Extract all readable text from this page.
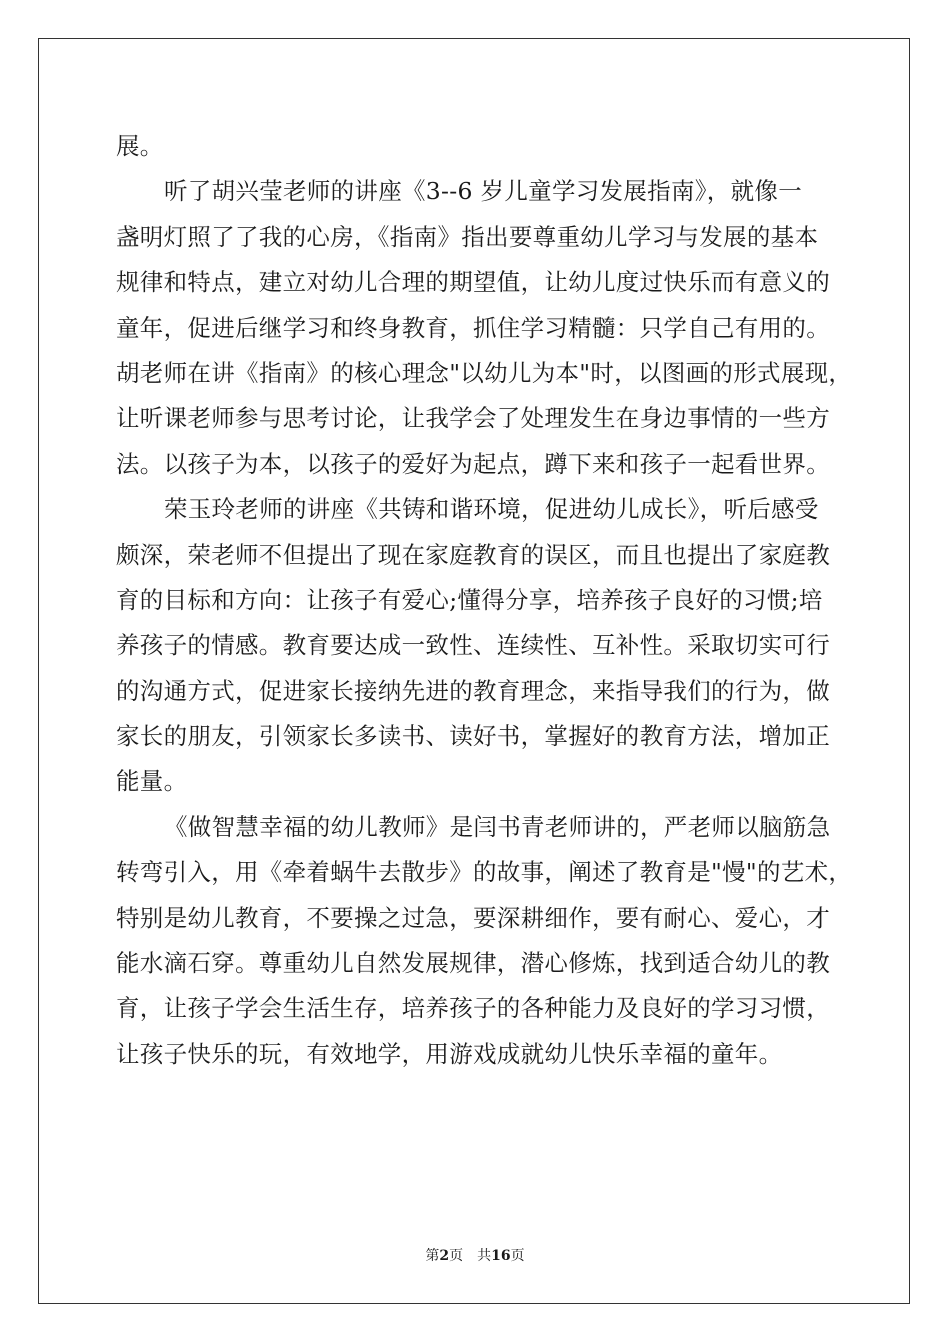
展。
听了胡兴莹老师的讲座《3--6 岁儿童学习发展指南》，就像一
盏明灯照了了我的心房，《指南》指出要尊重幼儿学习与发展的基本
规律和特点，建立对幼儿合理的期望值，让幼儿度过快乐而有意义的
童年，促进后继学习和终身教育，抓住学习精髓：只学自己有用的。
胡老师在讲《指南》的核心理念"以幼儿为本"时，以图画的形式展现，
让听课老师参与思考讨论，让我学会了处理发生在身边事情的一些方
法。以孩子为本，以孩子的爱好为起点，蹲下来和孩子一起看世界。
荣玉玲老师的讲座《共铸和谐环境，促进幼儿成长》，听后感受
颇深，荣老师不但提出了现在家庭教育的误区，而且也提出了家庭教
育的目标和方向：让孩子有爱心;懂得分享，培养孩子良好的习惯;培
养孩子的情感。教育要达成一致性、连续性、互补性。采取切实可行
的沟通方式，促进家长接纳先进的教育理念，来指导我们的行为，做
家长的朋友，引领家长多读书、读好书，掌握好的教育方法，增加正
能量。
《做智慧幸福的幼儿教师》是闫书青老师讲的，严老师以脑筋急
转弯引入，用《牵着蜗牛去散步》的故事，阐述了教育是"慢"的艺术，
特别是幼儿教育，不要操之过急，要深耕细作，要有耐心、爱心，才
能水滴石穿。尊重幼儿自然发展规律，潜心修炼，找到适合幼儿的教
育，让孩子学会生活生存，培养孩子的各种能力及良好的学习习惯，
让孩子快乐的玩，有效地学，用游戏成就幼儿快乐幸福的童年。
第2页 共16页
